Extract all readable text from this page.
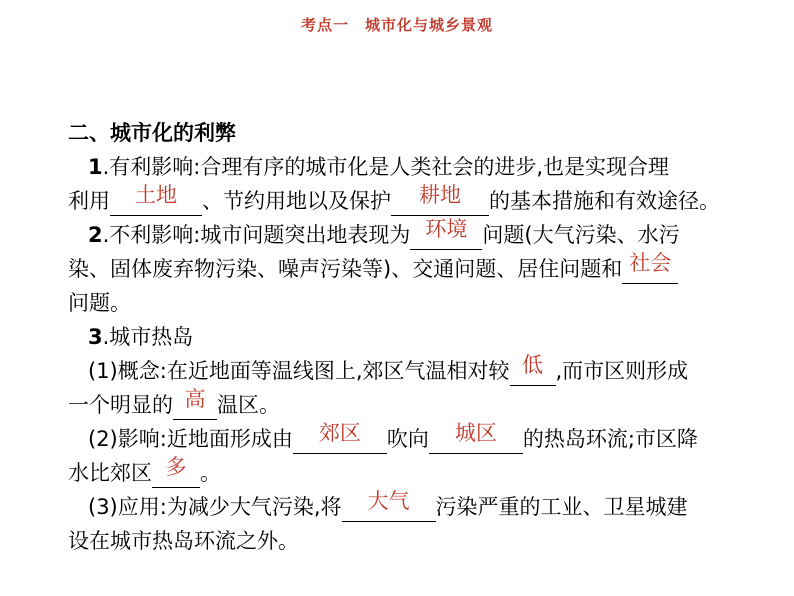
考点一　城市化与城乡景观
二、城市化的利弊
1.有利影响:合理有序的城市化是人类社会的进步,也是实现合理
利用 土地 、节约用地以及保护 耕地 的基本措施和有效途径。
2.不利影响:城市问题突出地表现为 环境 问题(大气污染、水污
染、固体废弃物污染、噪声污染等)、交通问题、居住问题和 社会
问题。
3.城市热岛
(1)概念:在近地面等温线图上,郊区气温相对较 低 ,而市区则形成
一个明显的 高 温区。
(2)影响:近地面形成由 郊区 吹向 城区 的热岛环流;市区降
水比郊区 多 。
(3)应用:为减少大气污染,将 大气 污染严重的工业、卫星城建
设在城市热岛环流之外。
